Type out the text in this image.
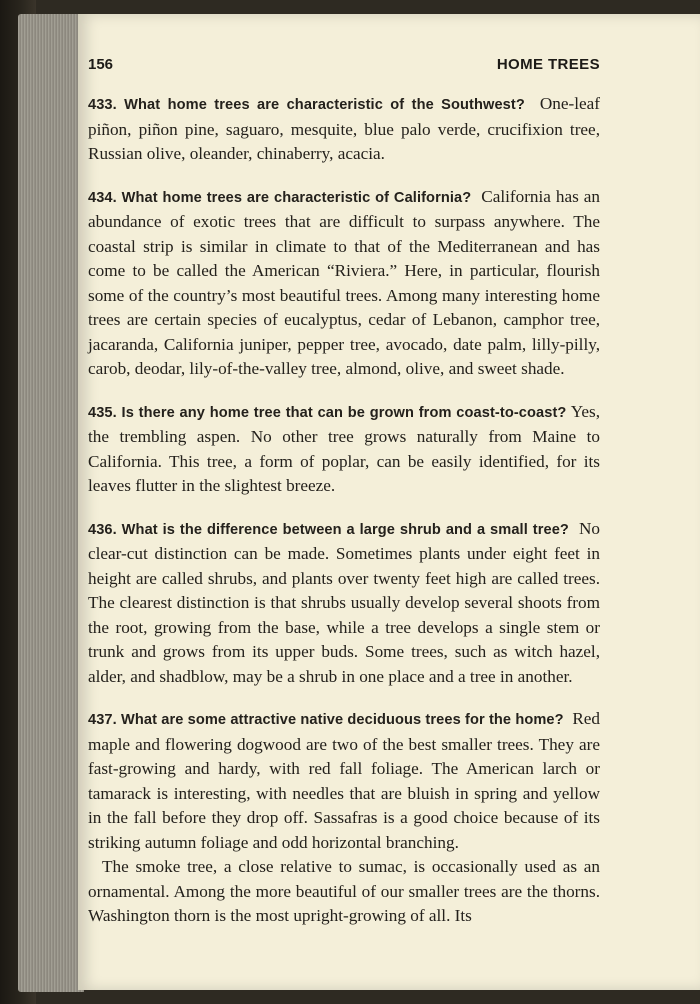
156	HOME TREES

433. What home trees are characteristic of the Southwest? One-leaf piñon, piñon pine, saguaro, mesquite, blue palo verde, crucifixion tree, Russian olive, oleander, chinaberry, acacia.

434. What home trees are characteristic of California? California has an abundance of exotic trees that are difficult to surpass anywhere. The coastal strip is similar in climate to that of the Mediterranean and has come to be called the American “Riviera.” Here, in particular, flourish some of the country’s most beautiful trees. Among many interesting home trees are certain species of eucalyptus, cedar of Lebanon, camphor tree, jacaranda, California juniper, pepper tree, avocado, date palm, lilly-pilly, carob, deodar, lily-of-the-valley tree, almond, olive, and sweet shade.

435. Is there any home tree that can be grown from coast-to-coast? Yes, the trembling aspen. No other tree grows naturally from Maine to California. This tree, a form of poplar, can be easily identified, for its leaves flutter in the slightest breeze.

436. What is the difference between a large shrub and a small tree? No clear-cut distinction can be made. Sometimes plants under eight feet in height are called shrubs, and plants over twenty feet high are called trees. The clearest distinction is that shrubs usually develop several shoots from the root, growing from the base, while a tree develops a single stem or trunk and grows from its upper buds. Some trees, such as witch hazel, alder, and shadblow, may be a shrub in one place and a tree in another.

437. What are some attractive native deciduous trees for the home? Red maple and flowering dogwood are two of the best smaller trees. They are fast-growing and hardy, with red fall foliage. The American larch or tamarack is interesting, with needles that are bluish in spring and yellow in the fall before they drop off. Sassafras is a good choice because of its striking autumn foliage and odd horizontal branching.

The smoke tree, a close relative to sumac, is occasionally used as an ornamental. Among the more beautiful of our smaller trees are the thorns. Washington thorn is the most upright-growing of all. Its
